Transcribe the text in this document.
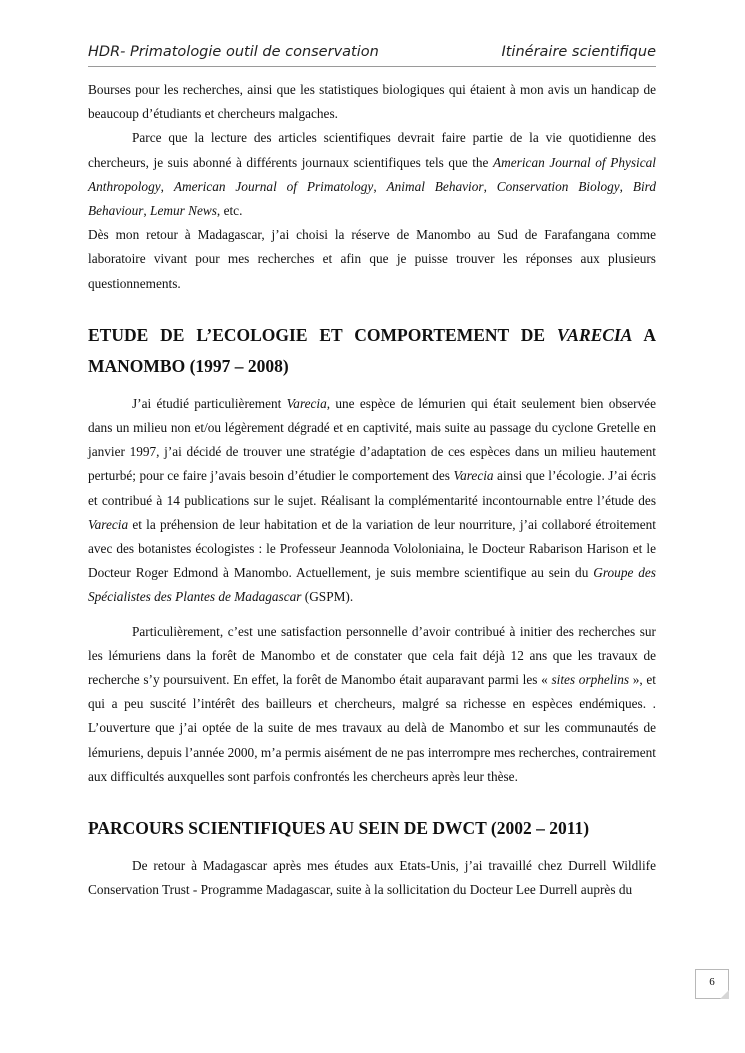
HDR- Primatologie outil de conservation	Itinéraire scientifique

Bourses pour les recherches, ainsi que les statistiques biologiques qui étaient à mon avis un handicap de beaucoup d’étudiants et chercheurs malgaches.

Parce que la lecture des articles scientifiques devrait faire partie de la vie quotidienne des chercheurs, je suis abonné à différents journaux scientifiques tels que the American Journal of Physical Anthropology, American Journal of Primatology, Animal Behavior, Conservation Biology, Bird Behaviour, Lemur News, etc.

Dès mon retour à Madagascar, j’ai choisi la réserve de Manombo au Sud de Farafangana comme laboratoire vivant pour mes recherches et afin que je puisse trouver les réponses aux plusieurs questionnements.

ETUDE DE L’ECOLOGIE ET COMPORTEMENT DE VARECIA A MANOMBO (1997 – 2008)

J’ai étudié particulièrement Varecia, une espèce de lémurien qui était seulement bien observée dans un milieu non et/ou légèrement dégradé et en captivité, mais suite au passage du cyclone Gretelle en janvier 1997, j’ai décidé de trouver une stratégie d’adaptation de ces espèces dans un milieu hautement perturbé; pour ce faire j’avais besoin d’étudier le comportement des Varecia ainsi que l’écologie. J’ai écris et contribué à 14 publications sur le sujet. Réalisant la complémentarité incontournable entre l’étude des Varecia et la préhension de leur habitation et de la variation de leur nourriture, j’ai collaboré étroitement avec des botanistes écologistes : le Professeur Jeannoda Vololoniaina, le Docteur Rabarison Harison et le Docteur Roger Edmond à Manombo. Actuellement, je suis membre scientifique au sein du Groupe des Spécialistes des Plantes de Madagascar (GSPM).

Particulièrement, c’est une satisfaction personnelle d’avoir contribué à initier des recherches sur les lémuriens dans la forêt de Manombo et de constater que cela fait déjà 12 ans que les travaux de recherche s’y poursuivent. En effet, la forêt de Manombo était auparavant parmi les « sites orphelins », et qui a peu suscité l’intérêt des bailleurs et chercheurs, malgré sa richesse en espèces endémiques. . L’ouverture que j’ai optée de la suite de mes travaux au delà de Manombo et sur les communautés de lémuriens, depuis l’année 2000, m’a permis aisément de ne pas interrompre mes recherches, contrairement aux difficultés auxquelles sont parfois confrontés les chercheurs après leur thèse.

PARCOURS SCIENTIFIQUES AU SEIN DE DWCT (2002 – 2011)

De retour à Madagascar après mes études aux Etats-Unis, j’ai travaillé chez Durrell Wildlife Conservation Trust - Programme Madagascar, suite à la sollicitation du Docteur Lee Durrell auprès du

6
